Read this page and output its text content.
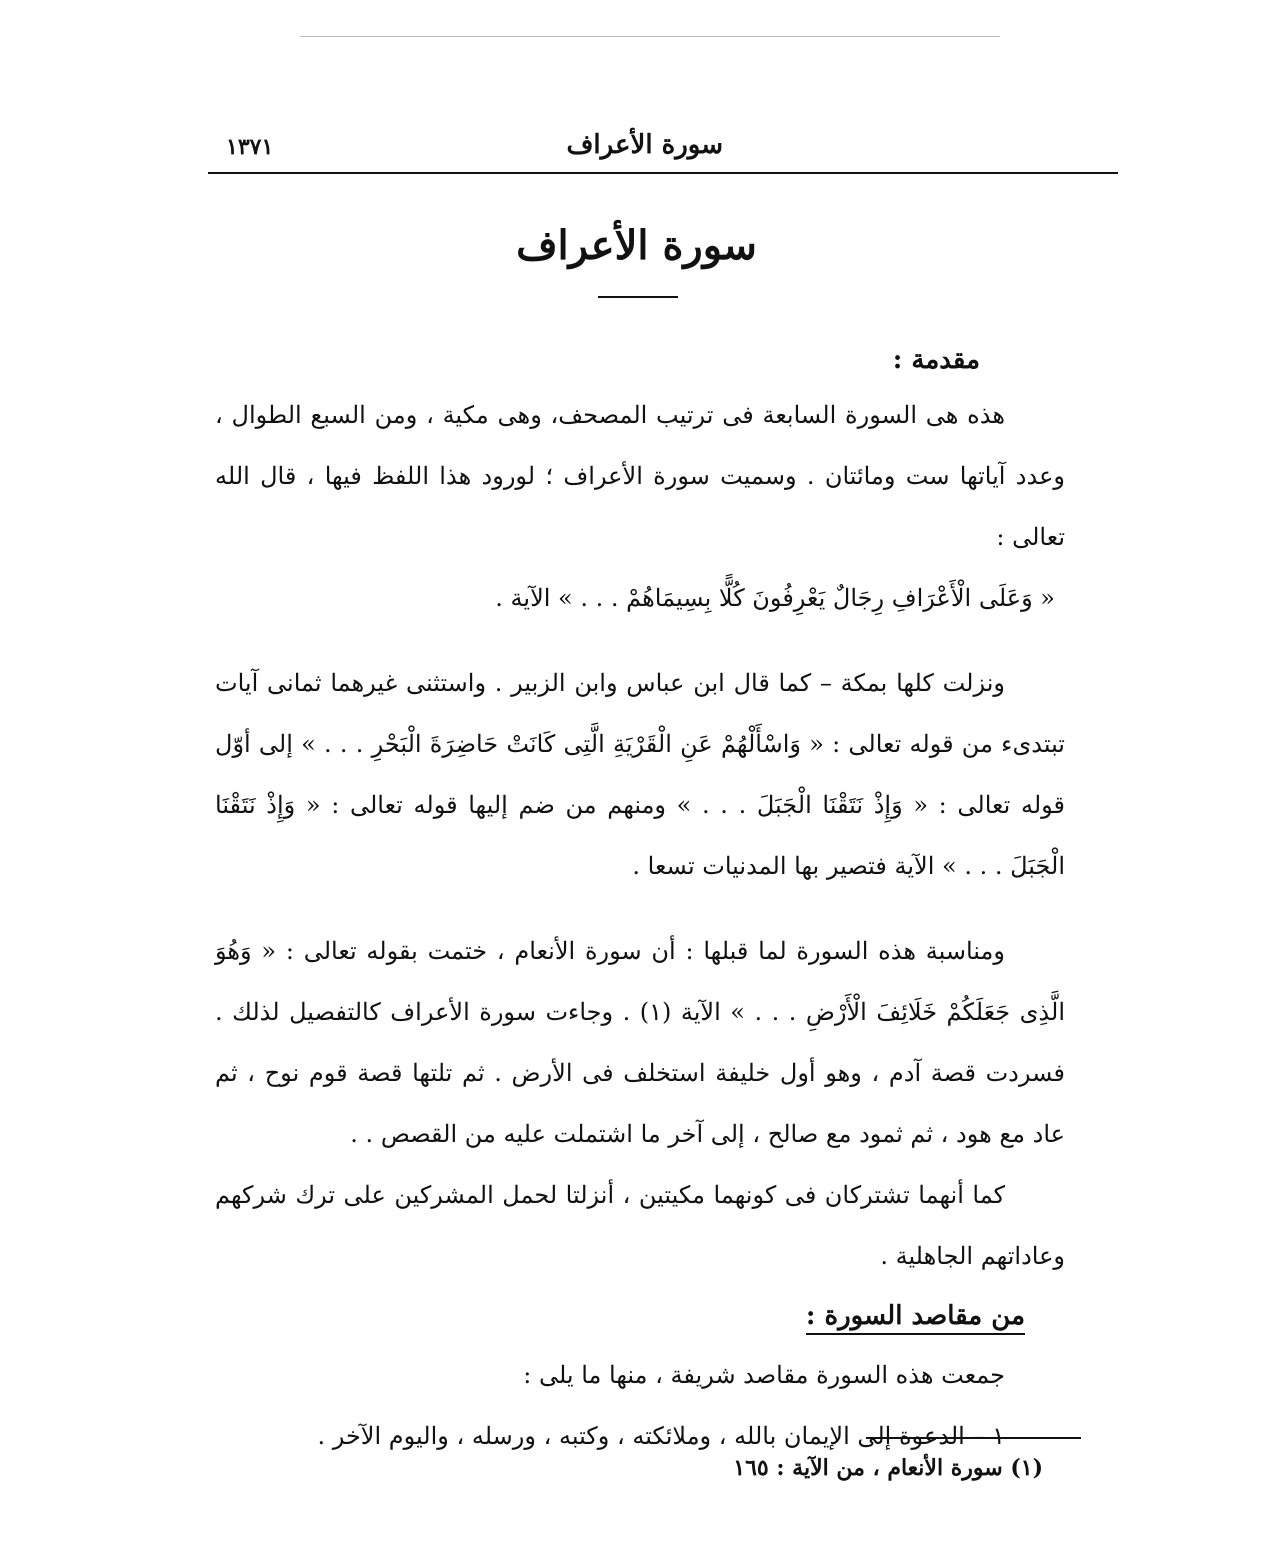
سورة الأعراف
١٣٧١
سورة الأعراف
مقدمة :

هذه هى السورة السابعة فى ترتيب المصحف، وهى مكية ، ومن السبع الطوال ، وعدد آياتها ست ومائتان . وسميت سورة الأعراف ؛ لورود هذا اللفظ فيها ، قال الله تعالى :

« وَعَلَى الْأَعْرَافِ رِجَالٌ يَعْرِفُونَ كُلًّا بِسِيمَاهُمْ . . . » الآية .

ونزلت كلها بمكة – كما قال ابن عباس وابن الزبير . واستثنى غيرهما ثمانى آيات تبتدىء من قوله تعالى : « وَاسْأَلْهُمْ عَنِ الْقَرْيَةِ الَّتِى كَانَتْ حَاضِرَةَ الْبَحْرِ . . . » إلى أوّل قوله تعالى : « وَإِذْ نَتَقْنَا الْجَبَلَ . . . » ومنهم من ضم إليها قوله تعالى : « وَإِذْ نَتَقْنَا الْجَبَلَ . . . » الآية فتصير بها المدنيات تسعا .

ومناسبة هذه السورة لما قبلها : أن سورة الأنعام ، ختمت بقوله تعالى : « وَهُوَ الَّذِى جَعَلَكُمْ خَلَائِفَ الْأَرْضِ . . . » الآية (١) . وجاءت سورة الأعراف كالتفصيل لذلك . فسردت قصة آدم ، وهو أول خليفة استخلف فى الأرض . ثم تلتها قصة قوم نوح ، ثم عاد مع هود ، ثم ثمود مع صالح ، إلى آخر ما اشتملت عليه من القصص . .

كما أنهما تشتركان فى كونهما مكيتين ، أنزلتا لحمل المشركين على ترك شركهم وعاداتهم الجاهلية .

من مقاصد السورة :

جمعت هذه السورة مقاصد شريفة ، منها ما يلى :

١ – الدعوة إلى الإيمان بالله ، وملائكته ، وكتبه ، ورسله ، واليوم الآخر .

(١) سورة الأنعام ، من الآية : ١٦٥
